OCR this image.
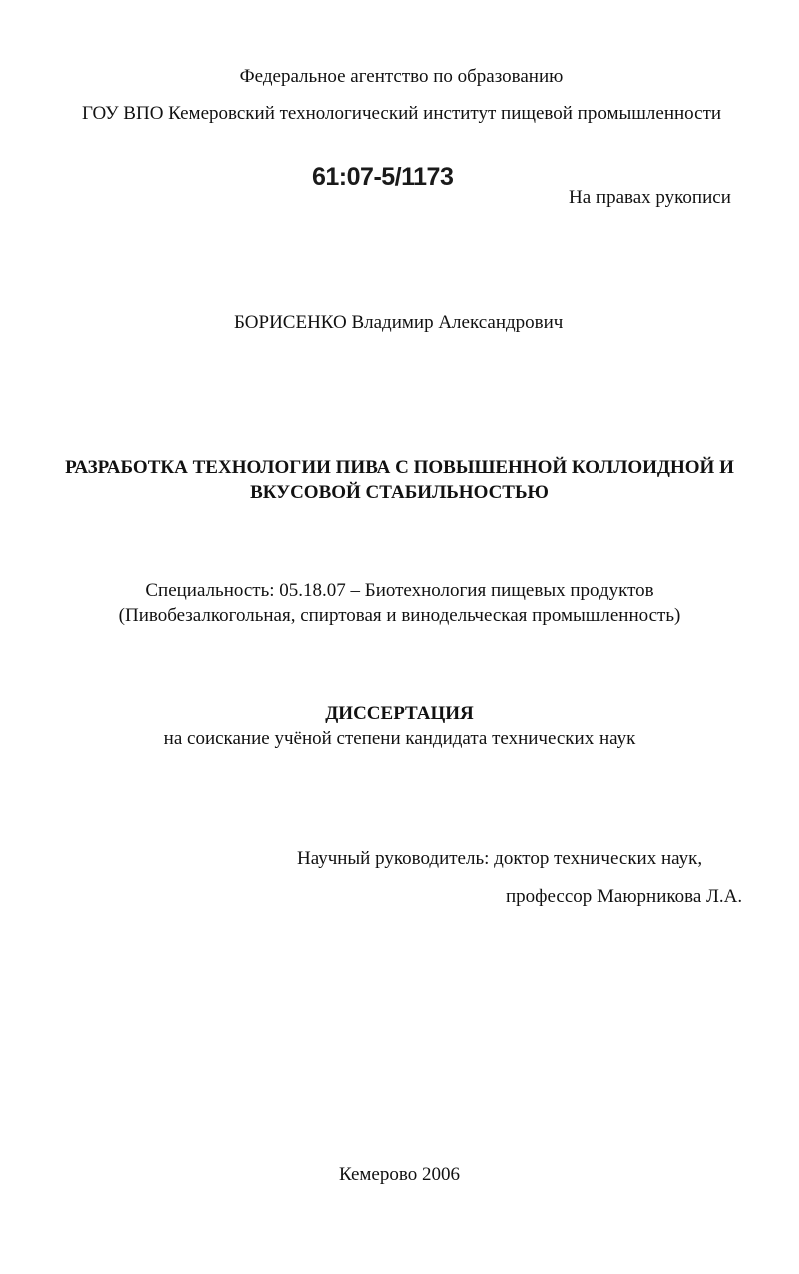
Федеральное агентство по образованию
ГОУ ВПО Кемеровский технологический институт пищевой промышленности
61:07-5/1173
На правах рукописи
БОРИСЕНКО Владимир Александрович
РАЗРАБОТКА ТЕХНОЛОГИИ ПИВА С ПОВЫШЕННОЙ КОЛЛОИДНОЙ И
ВКУСОВОЙ СТАБИЛЬНОСТЬЮ
Специальность: 05.18.07 – Биотехнология пищевых продуктов
(Пивобезалкогольная, спиртовая и винодельческая промышленность)
ДИССЕРТАЦИЯ
на соискание учёной степени кандидата технических наук
Научный руководитель: доктор технических наук,
профессор Маюрникова Л.А.
Кемерово 2006
